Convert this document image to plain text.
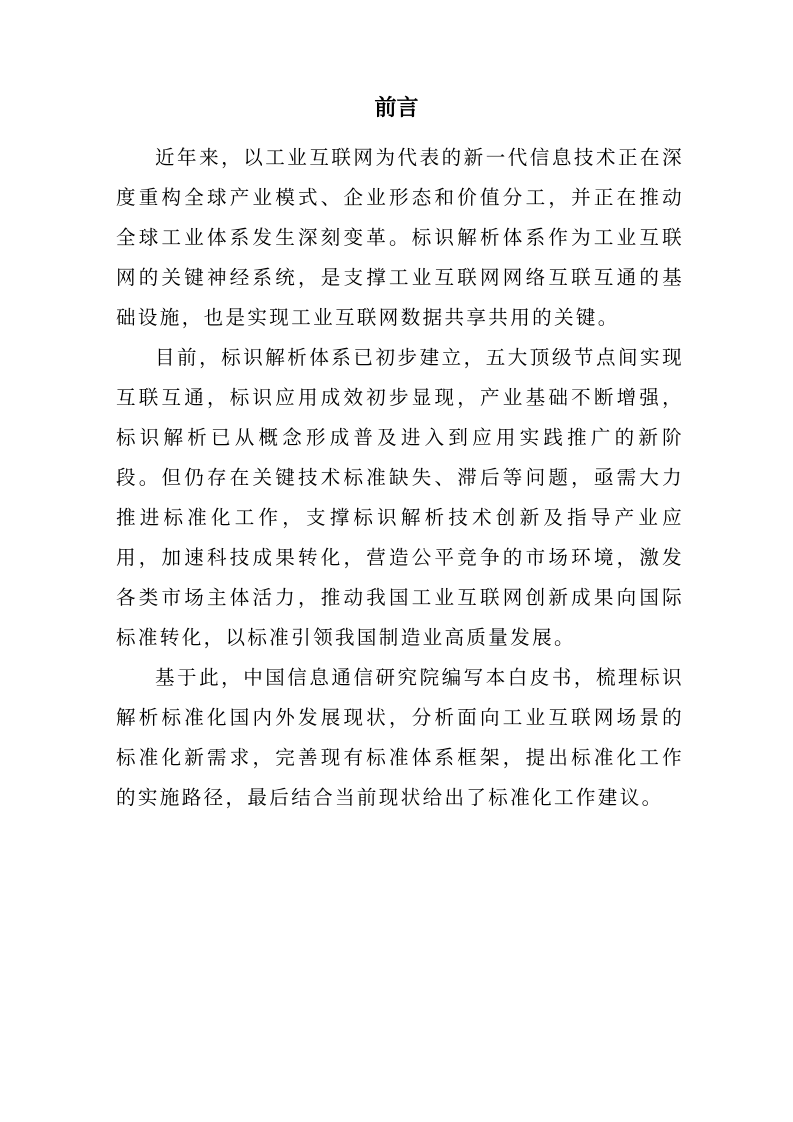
前言

近年来，以工业互联网为代表的新一代信息技术正在深度重构全球产业模式、企业形态和价值分工，并正在推动全球工业体系发生深刻变革。标识解析体系作为工业互联网的关键神经系统，是支撑工业互联网网络互联互通的基础设施，也是实现工业互联网数据共享共用的关键。

目前，标识解析体系已初步建立，五大顶级节点间实现互联互通，标识应用成效初步显现，产业基础不断增强，标识解析已从概念形成普及进入到应用实践推广的新阶段。但仍存在关键技术标准缺失、滞后等问题，亟需大力推进标准化工作，支撑标识解析技术创新及指导产业应用，加速科技成果转化，营造公平竞争的市场环境，激发各类市场主体活力，推动我国工业互联网创新成果向国际标准转化，以标准引领我国制造业高质量发展。

基于此，中国信息通信研究院编写本白皮书，梳理标识解析标准化国内外发展现状，分析面向工业互联网场景的标准化新需求，完善现有标准体系框架，提出标准化工作的实施路径，最后结合当前现状给出了标准化工作建议。
